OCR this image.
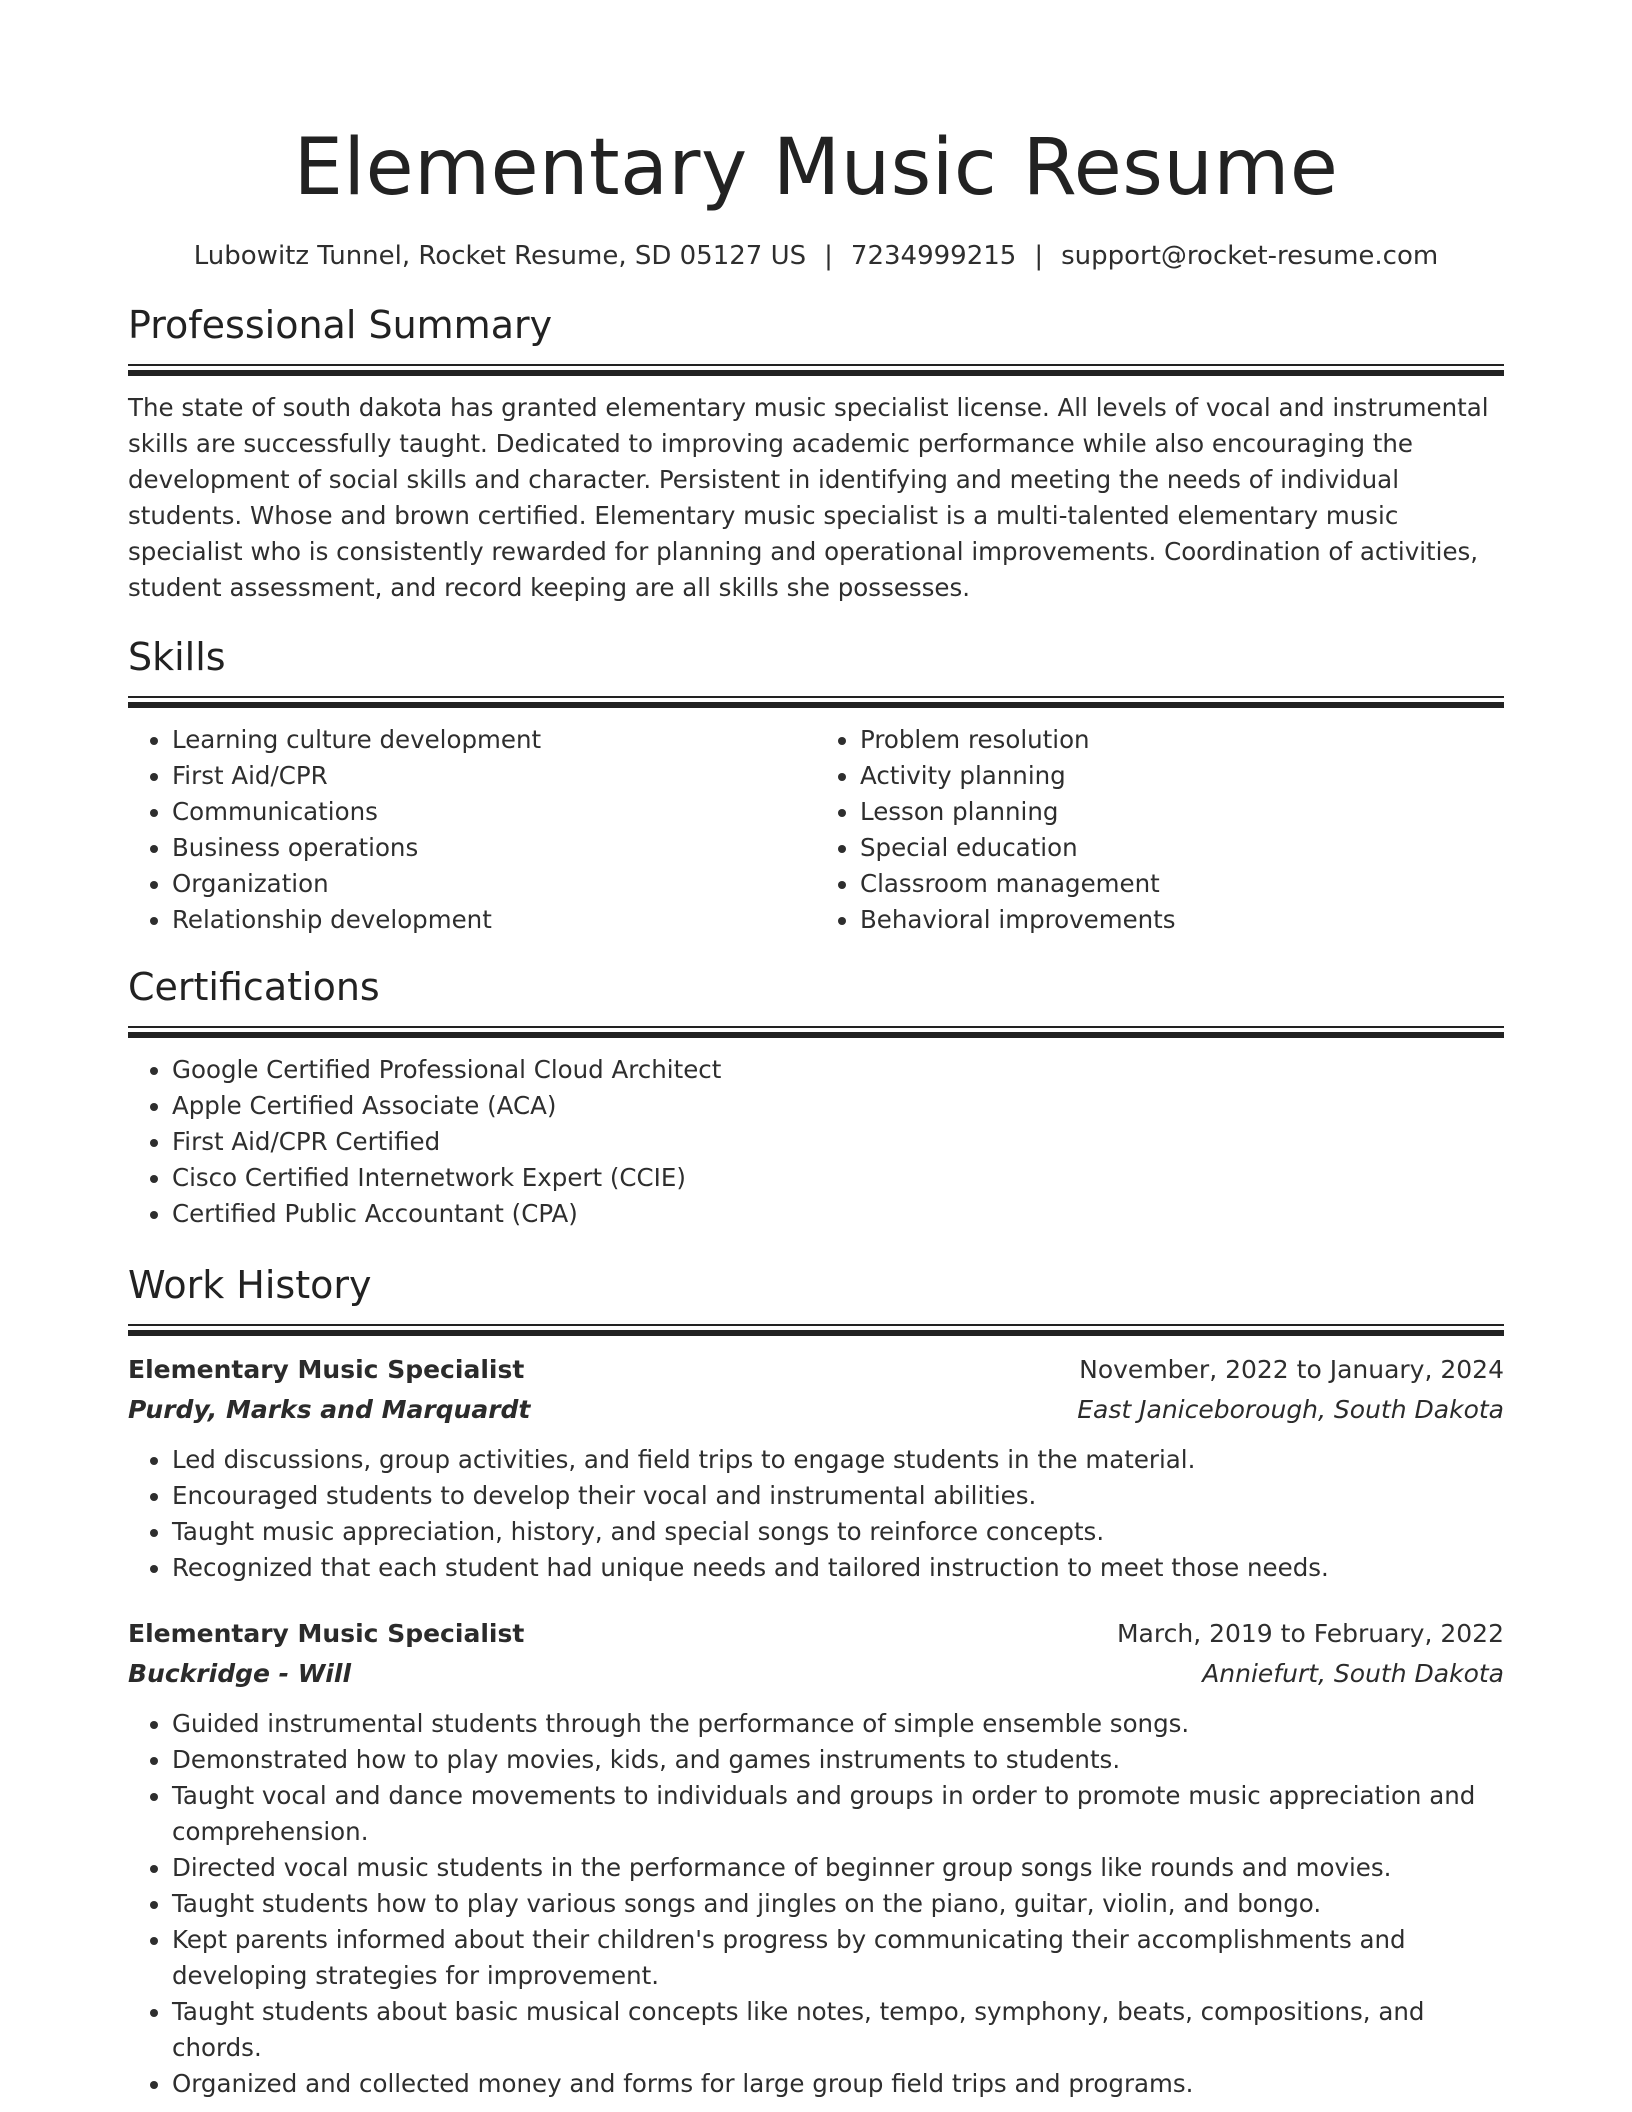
Elementary Music Resume
Lubowitz Tunnel, Rocket Resume, SD 05127 US | 7234999215 | support@rocket-resume.com
Professional Summary

The state of south dakota has granted elementary music specialist license. All levels of vocal and instrumental skills are successfully taught. Dedicated to improving academic performance while also encouraging the development of social skills and character. Persistent in identifying and meeting the needs of individual students. Whose and brown certified. Elementary music specialist is a multi-talented elementary music specialist who is consistently rewarded for planning and operational improvements. Coordination of activities, student assessment, and record keeping are all skills she possesses.

Skills
• Learning culture development
• First Aid/CPR
• Communications
• Business operations
• Organization
• Relationship development
• Problem resolution
• Activity planning
• Lesson planning
• Special education
• Classroom management
• Behavioral improvements
Certifications
• Google Certified Professional Cloud Architect
• Apple Certified Associate (ACA)
• First Aid/CPR Certified
• Cisco Certified Internetwork Expert (CCIE)
• Certified Public Accountant (CPA)
Work History
Elementary Music Specialist	November, 2022 to January, 2024
Purdy, Marks and Marquardt	East Janiceborough, South Dakota
• Led discussions, group activities, and field trips to engage students in the material.
• Encouraged students to develop their vocal and instrumental abilities.
• Taught music appreciation, history, and special songs to reinforce concepts.
• Recognized that each student had unique needs and tailored instruction to meet those needs.
Elementary Music Specialist	March, 2019 to February, 2022
Buckridge - Will	Anniefurt, South Dakota
• Guided instrumental students through the performance of simple ensemble songs.
• Demonstrated how to play movies, kids, and games instruments to students.
• Taught vocal and dance movements to individuals and groups in order to promote music appreciation and comprehension.
• Directed vocal music students in the performance of beginner group songs like rounds and movies.
• Taught students how to play various songs and jingles on the piano, guitar, violin, and bongo.
• Kept parents informed about their children's progress by communicating their accomplishments and developing strategies for improvement.
• Taught students about basic musical concepts like notes, tempo, symphony, beats, compositions, and chords.
• Organized and collected money and forms for large group field trips and programs.
